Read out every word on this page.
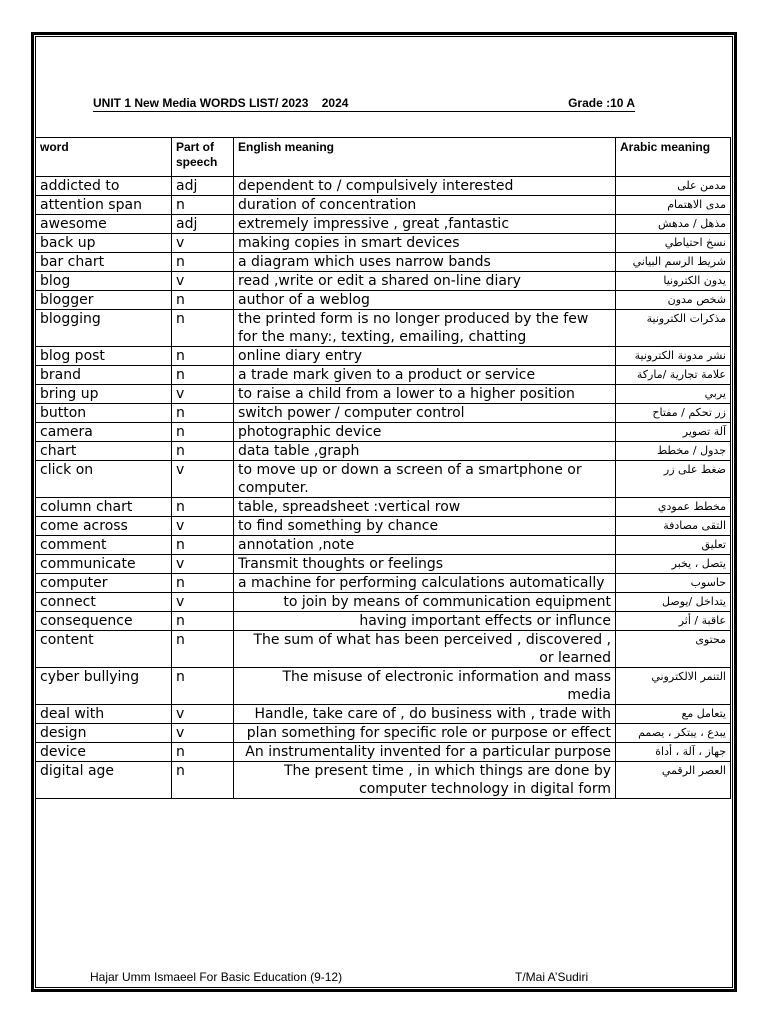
UNIT 1 New Media WORDS LIST/ 2023    2024	Grade :10 A
word	Part of speech	English meaning	Arabic meaning
addicted to	adj	dependent to / compulsively interested	مدمن على
attention span	n	duration of concentration	مدى الاهتمام
awesome	adj	extremely impressive , great ,fantastic	مذهل / مدهش
back up	v	making copies in smart devices	نسخ احتياطي
bar chart	n	a diagram which uses narrow bands	شريط الرسم البياني
blog	v	read ,write or edit a shared on-line diary	يدون الكترونيا
blogger	n	author of a weblog	شخص مدون
blogging	n	the printed form is no longer produced by the few for the many:, texting, emailing, chatting	مذكرات الكترونية
blog post	n	online diary entry	نشر مدونة الكترونية
brand	n	a trade mark given to a product or service	علامة تجارية /ماركة
bring up	v	to raise a child from a lower to a higher position	يربي
button	n	switch power / computer control	زر تحكم / مفتاح
camera	n	photographic device	آلة تصوير
chart	n	data table ,graph	جدول / مخطط
click on	v	to move up or down a screen of a smartphone or computer.	ضغط على زر
column chart	n	table, spreadsheet :vertical row	مخطط عمودي
come across	v	to find something by chance	التقى مصادفة
comment	n	annotation ,note	تعليق
communicate	v	Transmit thoughts or feelings	يتصل ، يخبر
computer	n	a machine for performing calculations automatically	حاسوب
connect	v	to join by means of communication equipment	يتداخل /يوصل
consequence	n	having important effects or influnce	عاقبة / أثر
content	n	The sum of what has been perceived , discovered , or learned	محتوى
cyber bullying	n	The misuse of electronic information and mass media	التنمر الالكتروني
deal with	v	Handle, take care of , do business with , trade with	يتعامل مع
design	v	plan something for specific role or purpose or effect	يبدع ، يبتكر ، يصمم
device	n	An instrumentality invented for a particular purpose	جهاز ، آلة ، أداة
digital age	n	The present time , in which things are done by computer technology in digital form	العصر الرقمي
Hajar Umm Ismaeel For Basic Education (9-12)	T/Mai A’Sudiri
